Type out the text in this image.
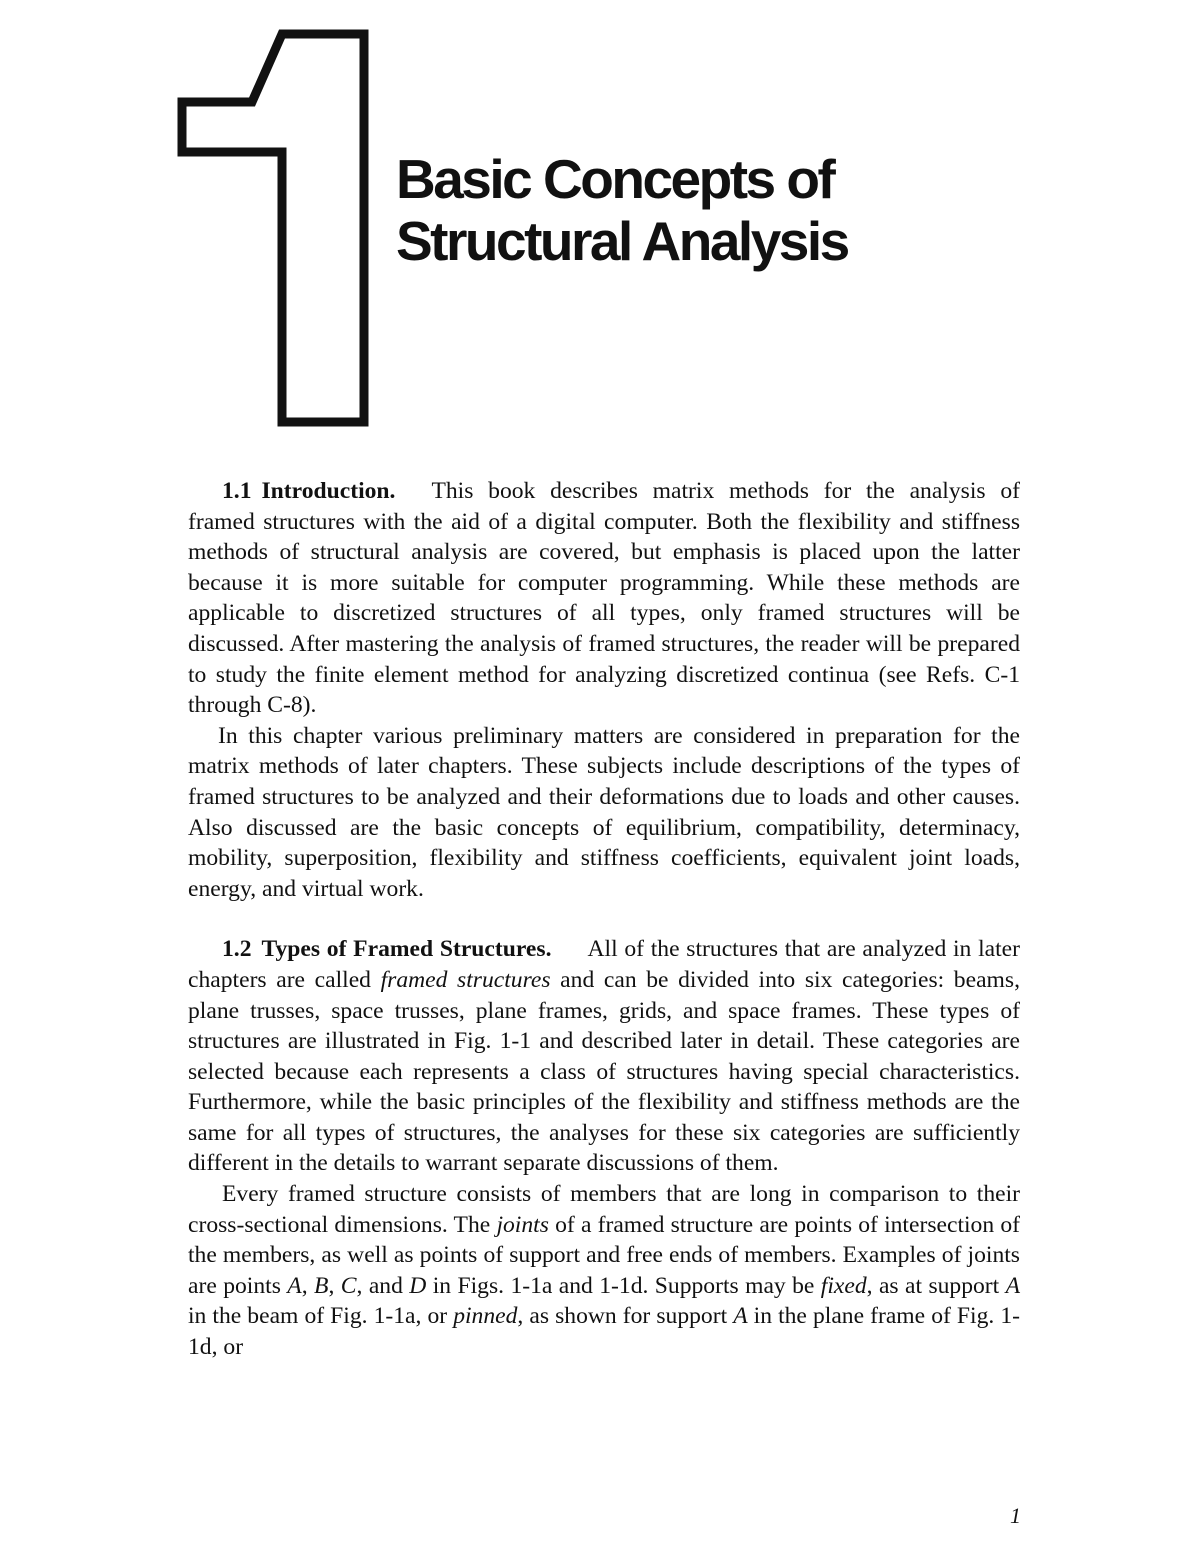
1
Basic Concepts of
Structural Analysis

1.1 Introduction. This book describes matrix methods for the analysis of framed structures with the aid of a digital computer. Both the flexibility and stiffness methods of structural analysis are covered, but emphasis is placed upon the latter because it is more suitable for computer programming. While these methods are applicable to discretized structures of all types, only framed structures will be discussed. After mastering the analysis of framed structures, the reader will be prepared to study the finite element method for analyzing discretized continua (see Refs. C-1 through C-8).

In this chapter various preliminary matters are considered in preparation for the matrix methods of later chapters. These subjects include descriptions of the types of framed structures to be analyzed and their deformations due to loads and other causes. Also discussed are the basic concepts of equilibrium, compatibility, determinacy, mobility, superposition, flexibility and stiffness coefficients, equivalent joint loads, energy, and virtual work.

1.2 Types of Framed Structures. All of the structures that are analyzed in later chapters are called framed structures and can be divided into six categories: beams, plane trusses, space trusses, plane frames, grids, and space frames. These types of structures are illustrated in Fig. 1-1 and described later in detail. These categories are selected because each represents a class of structures having special characteristics. Furthermore, while the basic principles of the flexibility and stiffness methods are the same for all types of structures, the analyses for these six categories are sufficiently different in the details to warrant separate discussions of them.

Every framed structure consists of members that are long in comparison to their cross-sectional dimensions. The joints of a framed structure are points of intersection of the members, as well as points of support and free ends of members. Examples of joints are points A, B, C, and D in Figs. 1-1a and 1-1d. Supports may be fixed, as at support A in the beam of Fig. 1-1a, or pinned, as shown for support A in the plane frame of Fig. 1-1d, or

1
